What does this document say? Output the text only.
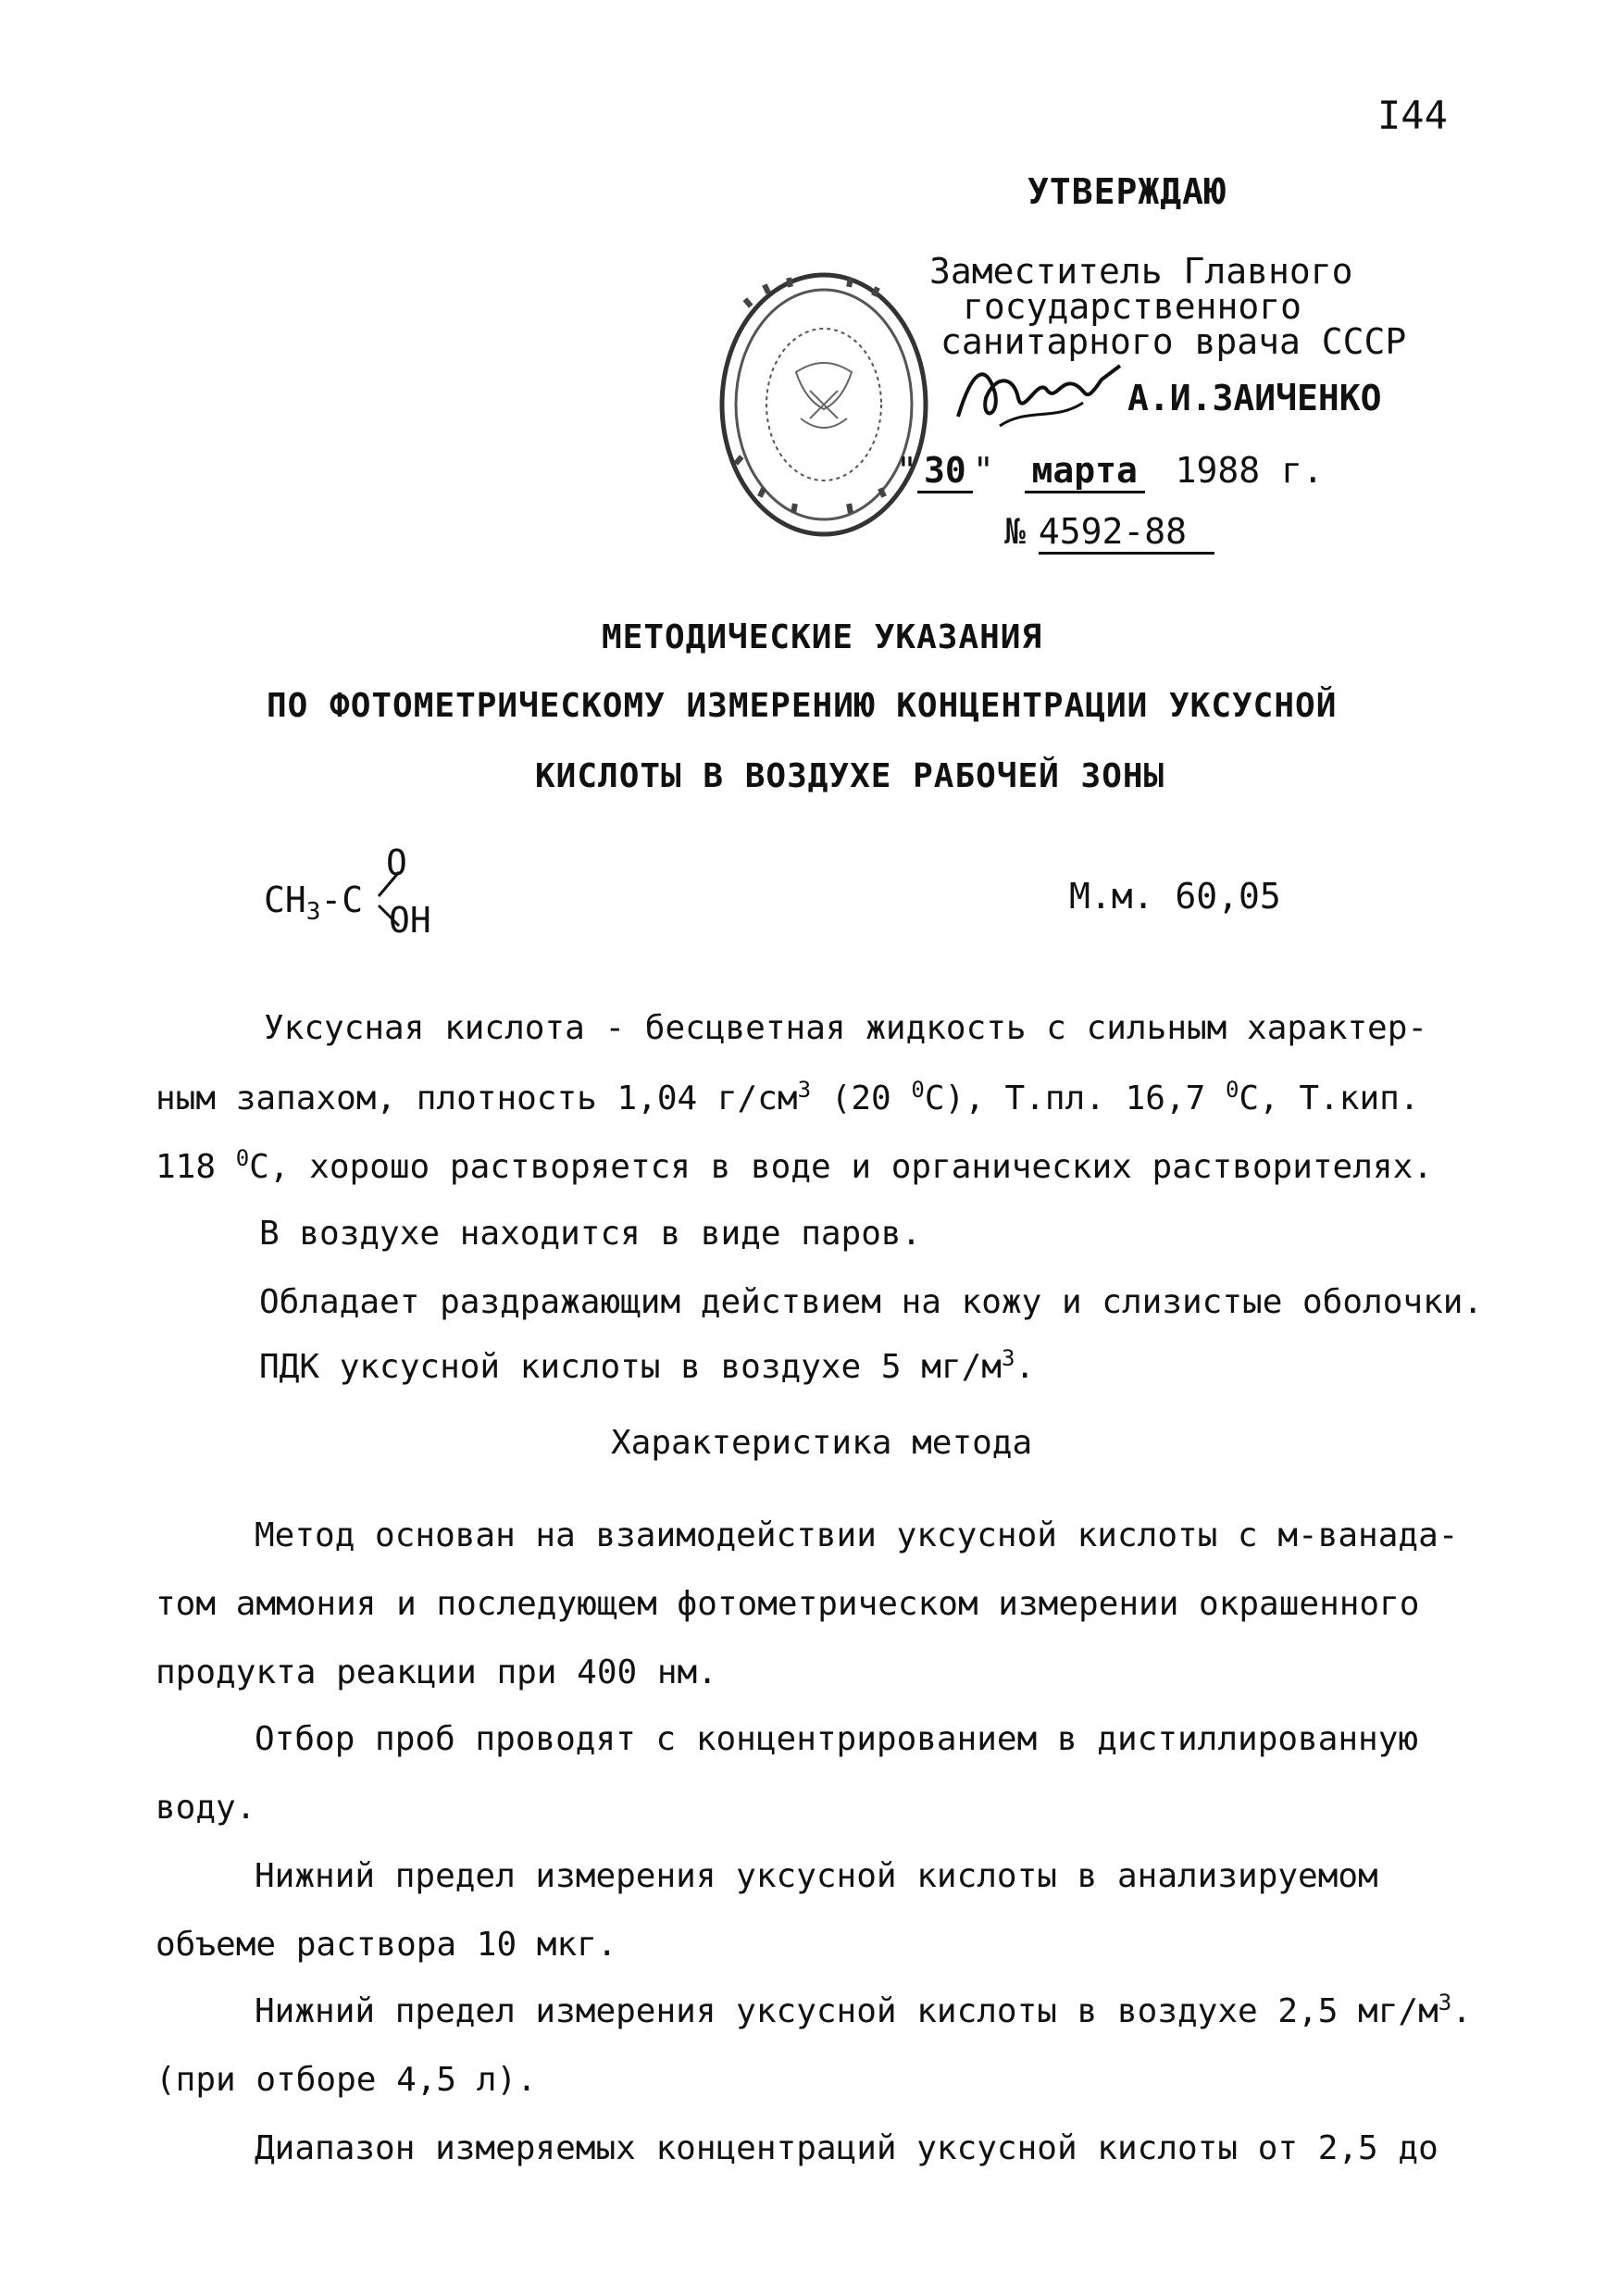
I44
УТВЕРЖДАЮ
Заместитель Главного
государственного
санитарного врача СССР
А.И.ЗАИЧЕНКО
" 30 " марта 1988 г.
№ 4592-88
МЕТОДИЧЕСКИЕ УКАЗАНИЯ
ПО ФОТОМЕТРИЧЕСКОМУ ИЗМЕРЕНИЮ КОНЦЕНТРАЦИИ УКСУСНОЙ
КИСЛОТЫ В ВОЗДУХЕ РАБОЧЕЙ ЗОНЫ
$CH_3-C$
O
OH
М.м. 60,05
Уксусная кислота - бесцветная жидкость с сильным характер-
ным запахом, плотность 1,04 $г/см^3$ (20 $^0$C), Т.пл. 16,7 $^0$C, Т.кип.
118 $^0$C, хорошо растворяется в воде и органических растворителях.
В воздухе находится в виде паров.
Обладает раздражающим действием на кожу и слизистые оболочки.
ПДК уксусной кислоты в воздухе 5 $мг/м^3$.
Характеристика метода
Метод основан на взаимодействии уксусной кислоты с м-ванада-
том аммония и последующем фотометрическом измерении окрашенного
продукта реакции при 400 нм.
Отбор проб проводят с концентрированием в дистиллированную
воду.
Нижний предел измерения уксусной кислоты в анализируемом
объеме раствора 10 мкг.
Нижний предел измерения уксусной кислоты в воздухе 2,5 $мг/м^3$.
(при отборе 4,5 л).
Диапазон измеряемых концентраций уксусной кислоты от 2,5 до
